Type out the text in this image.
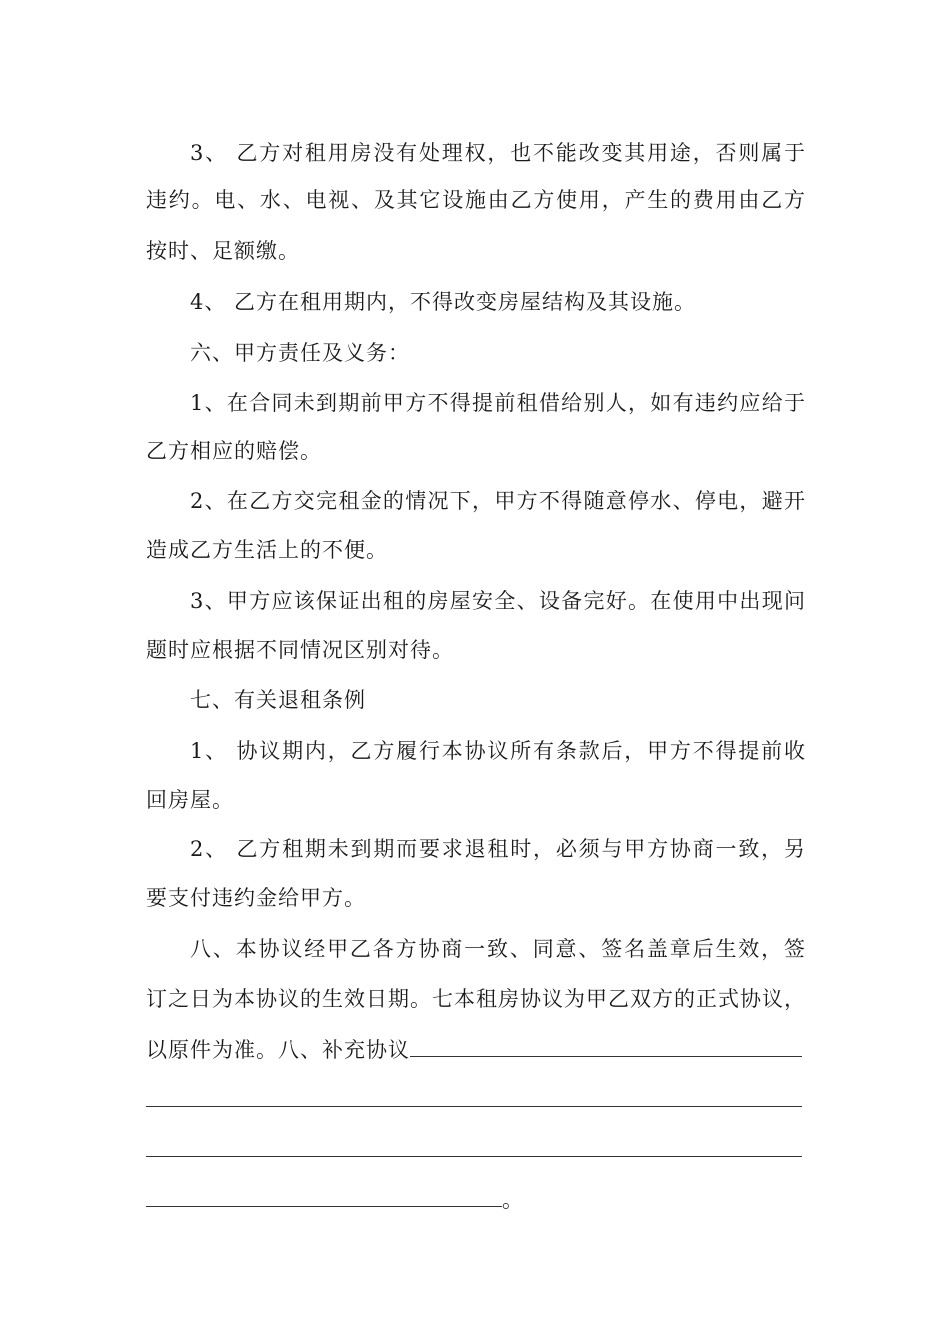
3、 乙方对租用房没有处理权，也不能改变其用途，否则属于
违约。电、水、电视、及其它设施由乙方使用，产生的费用由乙方
按时、足额缴。
4、 乙方在租用期内，不得改变房屋结构及其设施。
六、甲方责任及义务：
1、在合同未到期前甲方不得提前租借给别人，如有违约应给于
乙方相应的赔偿。
2、在乙方交完租金的情况下，甲方不得随意停水、停电，避开
造成乙方生活上的不便。
3、甲方应该保证出租的房屋安全、设备完好。在使用中出现问
题时应根据不同情况区别对待。
七、有关退租条例
1、 协议期内，乙方履行本协议所有条款后，甲方不得提前收
回房屋。
2、 乙方租期未到期而要求退租时，必须与甲方协商一致，另
要支付违约金给甲方。
八、本协议经甲乙各方协商一致、同意、签名盖章后生效，签
订之日为本协议的生效日期。七本租房协议为甲乙双方的正式协议，
以原件为准。八、补充协议
。
